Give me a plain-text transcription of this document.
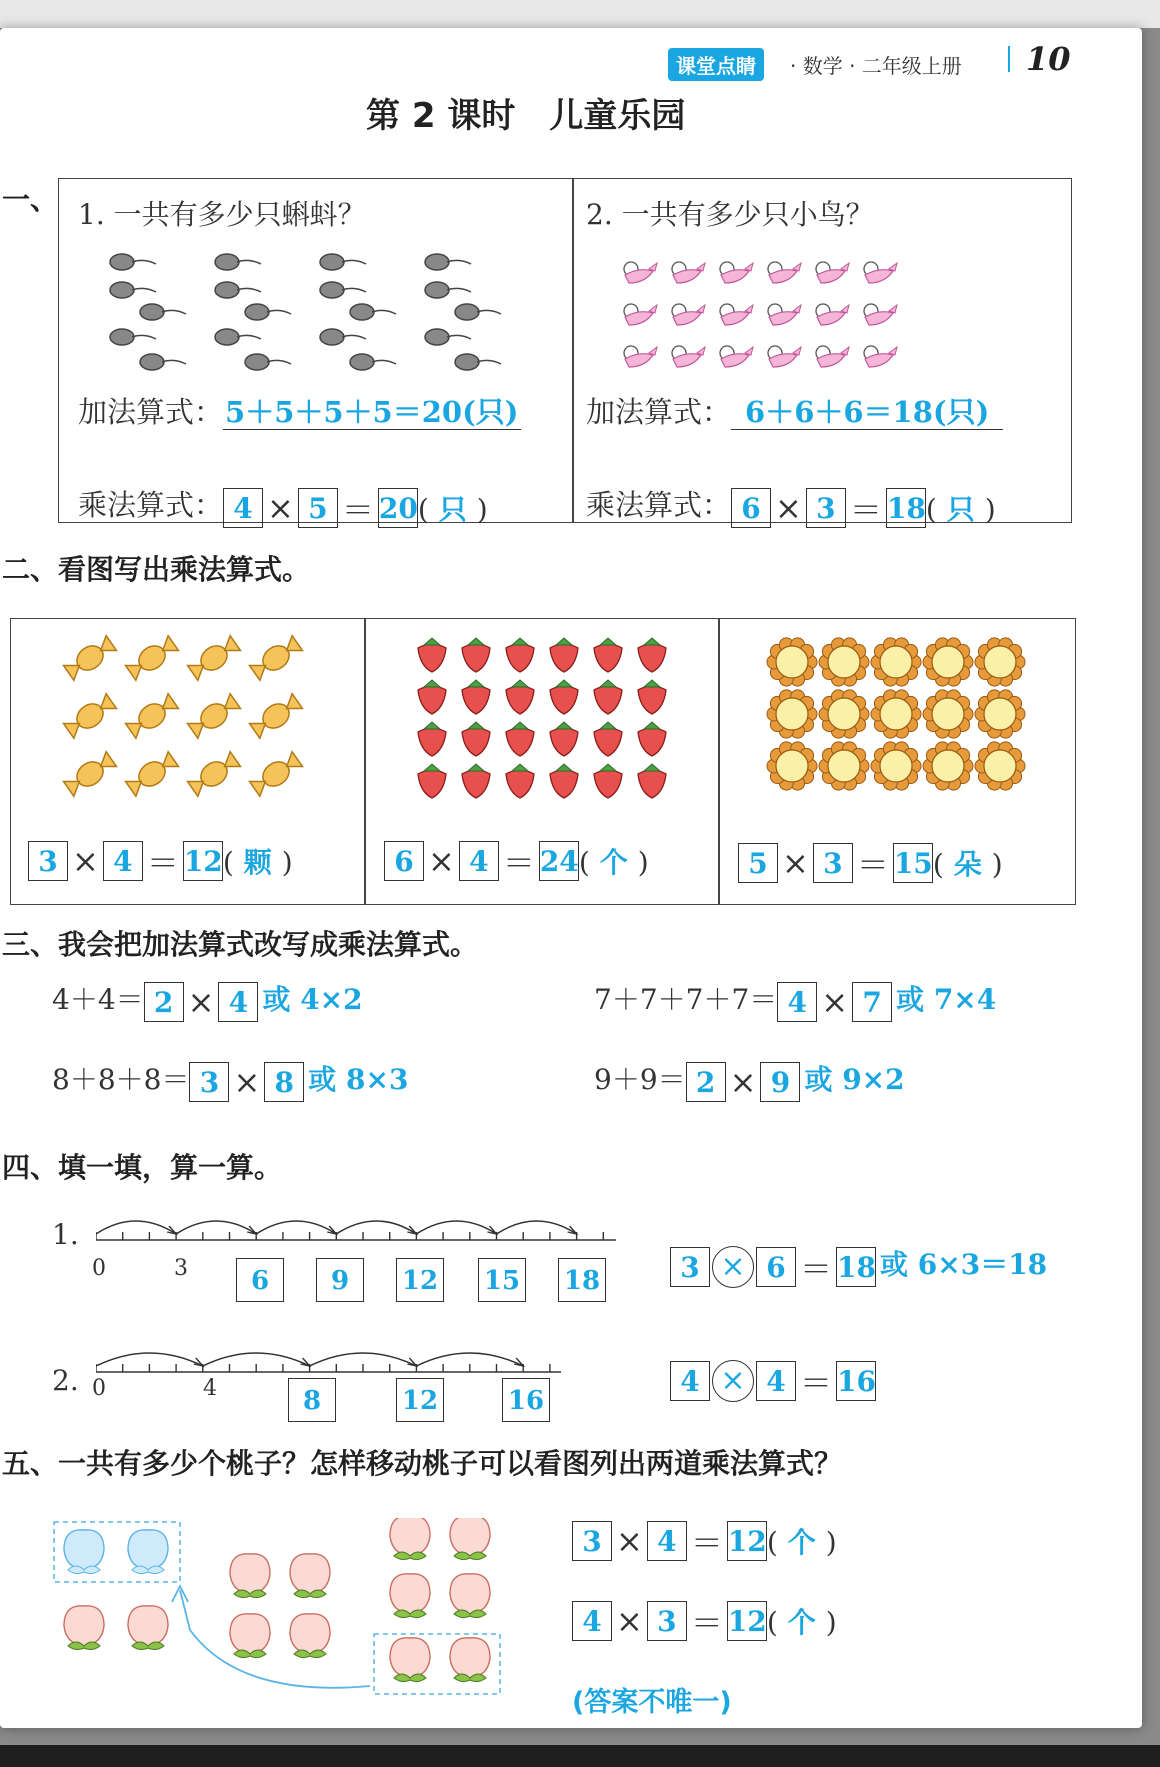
课堂点睛	· 数学 · 二年级上册 10
第 2 课时　儿童乐园
一、 1. 一共有多少只蝌蚪？
加法算式：5＋5＋5＋5＝20(只)
乘法算式： 4 × 5 ＝ 20( 只 )
2. 一共有多少只小鸟？
加法算式： 6＋6＋6＝18(只)
乘法算式： 6 × 3 ＝ 18( 只 )
二、看图写出乘法算式。
3 × 4 ＝ 12( 颗 )	6 × 4 ＝ 24( 个 )	5 × 3 ＝ 15( 朵 )
三、我会把加法算式改写成乘法算式。
4＋4＝ 2 × 4 或 4×2	7＋7＋7＋7＝ 4 × 7 或 7×4
8＋8＋8＝ 3 × 8 或 8×3	9＋9＝ 2 × 9 或 9×2
四、填一填，算一算。
1.
0	3	6	9	12 15 18	3 × 6 ＝ 18 或 6×3＝18
2. 0	4	8	12	16
4 × 4 ＝ 16
五、一共有多少个桃子？怎样移动桃子可以看图列出两道乘法算式？
3 × 4 ＝ 12( 个 )
4 × 3 ＝ 12( 个 )
(答案不唯一)
